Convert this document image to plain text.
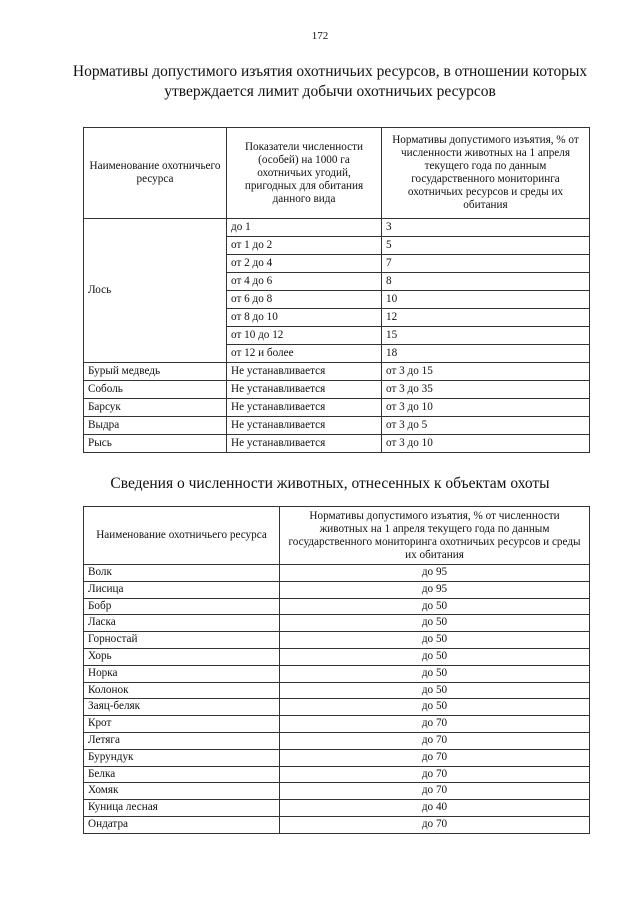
172
Нормативы допустимого изъятия охотничьих ресурсов, в отношении которых утверждается лимит добычи охотничьих ресурсов
Наименование охотничьего ресурса	Показатели численности (особей) на 1000 га охотничьих угодий, пригодных для обитания данного вида	Нормативы допустимого изъятия, % от численности животных на 1 апреля текущего года по данным государственного мониторинга охотничьих ресурсов и среды их обитания
Лось	до 1	3
	от 1 до 2	5
	от 2 до 4	7
	от 4 до 6	8
	от 6 до 8	10
	от 8 до 10	12
	от 10 до 12	15
	от 12 и более	18
Бурый медведь	Не устанавливается	от 3 до 15
Соболь	Не устанавливается	от 3 до 35
Барсук	Не устанавливается	от 3 до 10
Выдра	Не устанавливается	от 3 до 5
Рысь	Не устанавливается	от 3 до 10
Сведения о численности животных, отнесенных к объектам охоты
Наименование охотничьего ресурса	Нормативы допустимого изъятия, % от численности животных на 1 апреля текущего года по данным государственного мониторинга охотничьих ресурсов и среды их обитания
Волк	до 95
Лисица	до 95
Бобр	до 50
Ласка	до 50
Горностай	до 50
Хорь	до 50
Норка	до 50
Колонок	до 50
Заяц-беляк	до 50
Крот	до 70
Летяга	до 70
Бурундук	до 70
Белка	до 70
Хомяк	до 70
Куница лесная	до 40
Ондатра	до 70
